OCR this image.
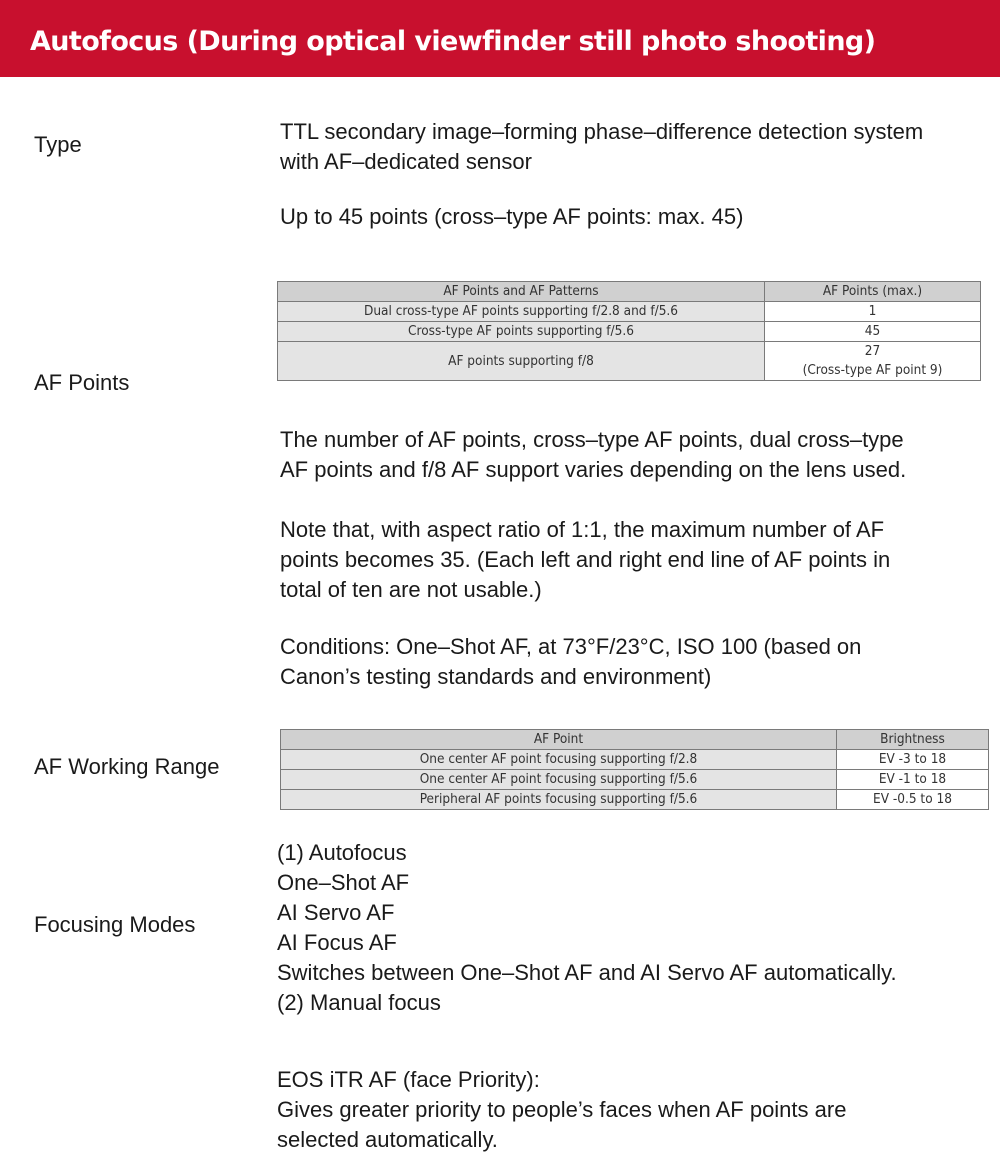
Autofocus (During optical viewfinder still photo shooting)

Type

TTL secondary image–forming phase–difference detection system
with AF–dedicated sensor

Up to 45 points (cross–type AF points: max. 45)

AF Points and AF Patterns	AF Points (max.)
Dual cross-type AF points supporting f/2.8 and f/5.6	1
Cross-type AF points supporting f/5.6	45
AF points supporting f/8	27
(Cross-type AF point 9)

AF Points

The number of AF points, cross–type AF points, dual cross–type
AF points and f/8 AF support varies depending on the lens used.

Note that, with aspect ratio of 1:1, the maximum number of AF
points becomes 35. (Each left and right end line of AF points in
total of ten are not usable.)

Conditions: One–Shot AF, at 73°F/23°C, ISO 100 (based on
Canon’s testing standards and environment)

AF Working Range

AF Point	Brightness
One center AF point focusing supporting f/2.8	EV -3 to 18
One center AF point focusing supporting f/5.6	EV -1 to 18
Peripheral AF points focusing supporting f/5.6	EV -0.5 to 18

Focusing Modes

(1) Autofocus
One–Shot AF
AI Servo AF
AI Focus AF
Switches between One–Shot AF and AI Servo AF automatically.
(2) Manual focus

EOS iTR AF (face Priority):
Gives greater priority to people’s faces when AF points are
selected automatically.
